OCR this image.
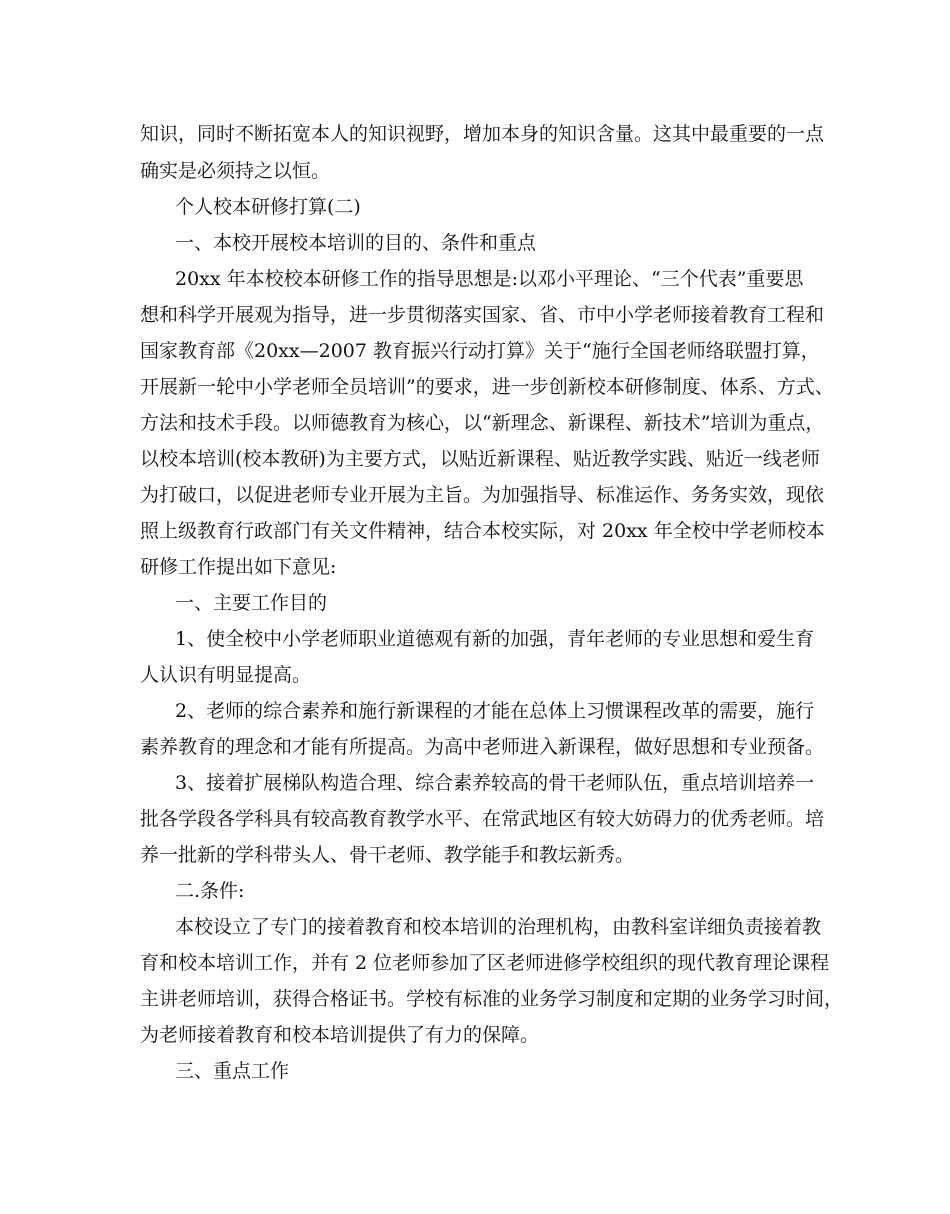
知识，同时不断拓宽本人的知识视野，增加本身的知识含量。这其中最重要的一点
确实是必须持之以恒。
个人校本研修打算(二)
一、本校开展校本培训的目的、条件和重点
20xx 年本校校本研修工作的指导思想是:以邓小平理论、“三个代表”重要思
想和科学开展观为指导，进一步贯彻落实国家、省、市中小学老师接着教育工程和
国家教育部《20xx—2007 教育振兴行动打算》关于“施行全国老师络联盟打算，
开展新一轮中小学老师全员培训”的要求，进一步创新校本研修制度、体系、方式、
方法和技术手段。以师德教育为核心，以“新理念、新课程、新技术”培训为重点，
以校本培训(校本教研)为主要方式，以贴近新课程、贴近教学实践、贴近一线老师
为打破口，以促进老师专业开展为主旨。为加强指导、标准运作、务务实效，现依
照上级教育行政部门有关文件精神，结合本校实际，对 20xx 年全校中学老师校本
研修工作提出如下意见:
一、主要工作目的
1、使全校中小学老师职业道德观有新的加强，青年老师的专业思想和爱生育
人认识有明显提高。
2、老师的综合素养和施行新课程的才能在总体上习惯课程改革的需要，施行
素养教育的理念和才能有所提高。为高中老师进入新课程，做好思想和专业预备。
3、接着扩展梯队构造合理、综合素养较高的骨干老师队伍，重点培训培养一
批各学段各学科具有较高教育教学水平、在常武地区有较大妨碍力的优秀老师。培
养一批新的学科带头人、骨干老师、教学能手和教坛新秀。
二.条件:
本校设立了专门的接着教育和校本培训的治理机构，由教科室详细负责接着教
育和校本培训工作，并有 2 位老师参加了区老师进修学校组织的现代教育理论课程
主讲老师培训，获得合格证书。学校有标准的业务学习制度和定期的业务学习时间，
为老师接着教育和校本培训提供了有力的保障。
三、重点工作
